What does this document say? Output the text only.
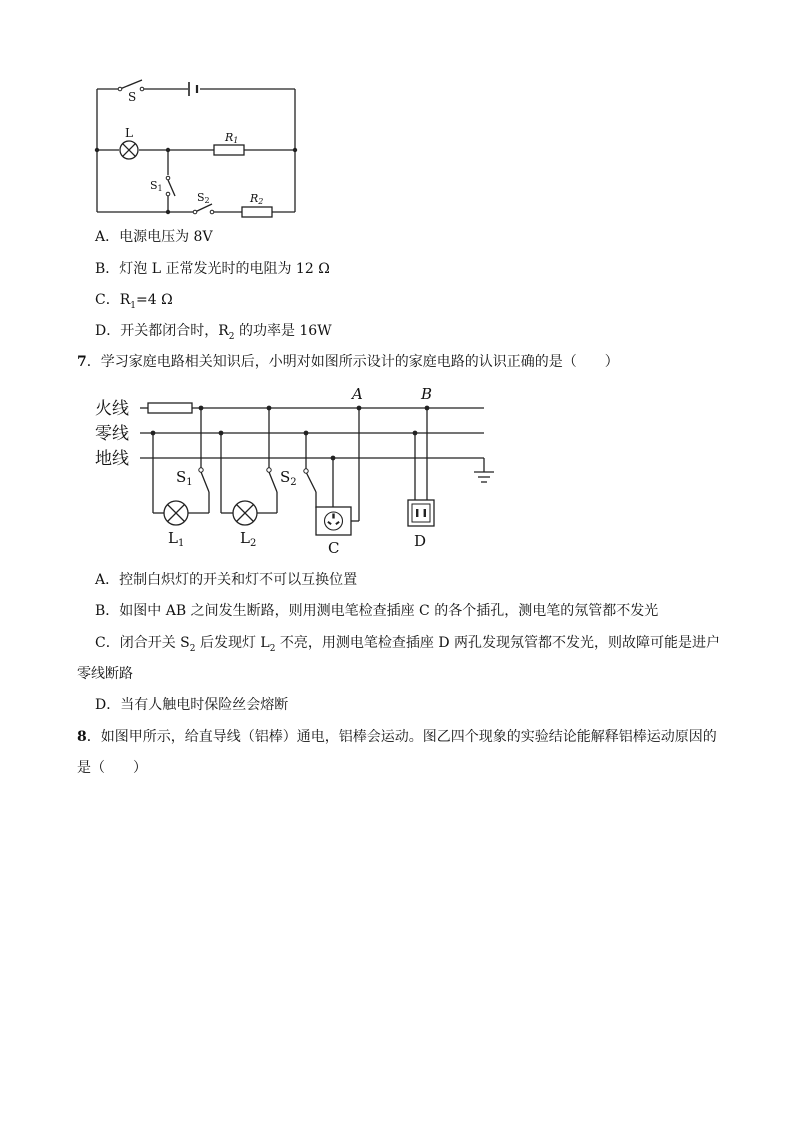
S
L	R1
S1
S2	R2
A．电源电压为 8V
B．灯泡 L 正常发光时的电阻为 12 Ω
C．$R_1=4$ Ω
D．开关都闭合时，$R_2$ 的功率是 16W
7．学习家庭电路相关知识后，小明对如图所示设计的家庭电路的认识正确的是（　　）
火线
零线
地线
A	B
$S_1$	$S_2$
$L_1$	$L_2$	C	D
A．控制白炽灯的开关和灯不可以互换位置
B．如图中 AB 之间发生断路，则用测电笔检查插座 C 的各个插孔，测电笔的氖管都不发光
C．闭合开关 $S_2$ 后发现灯 $L_2$ 不亮，用测电笔检查插座 D 两孔发现氖管都不发光，则故障可能是进户
零线断路
D．当有人触电时保险丝会熔断
8．如图甲所示，给直导线（铝棒）通电，铝棒会运动。图乙四个现象的实验结论能解释铝棒运动原因的
是（　　）
